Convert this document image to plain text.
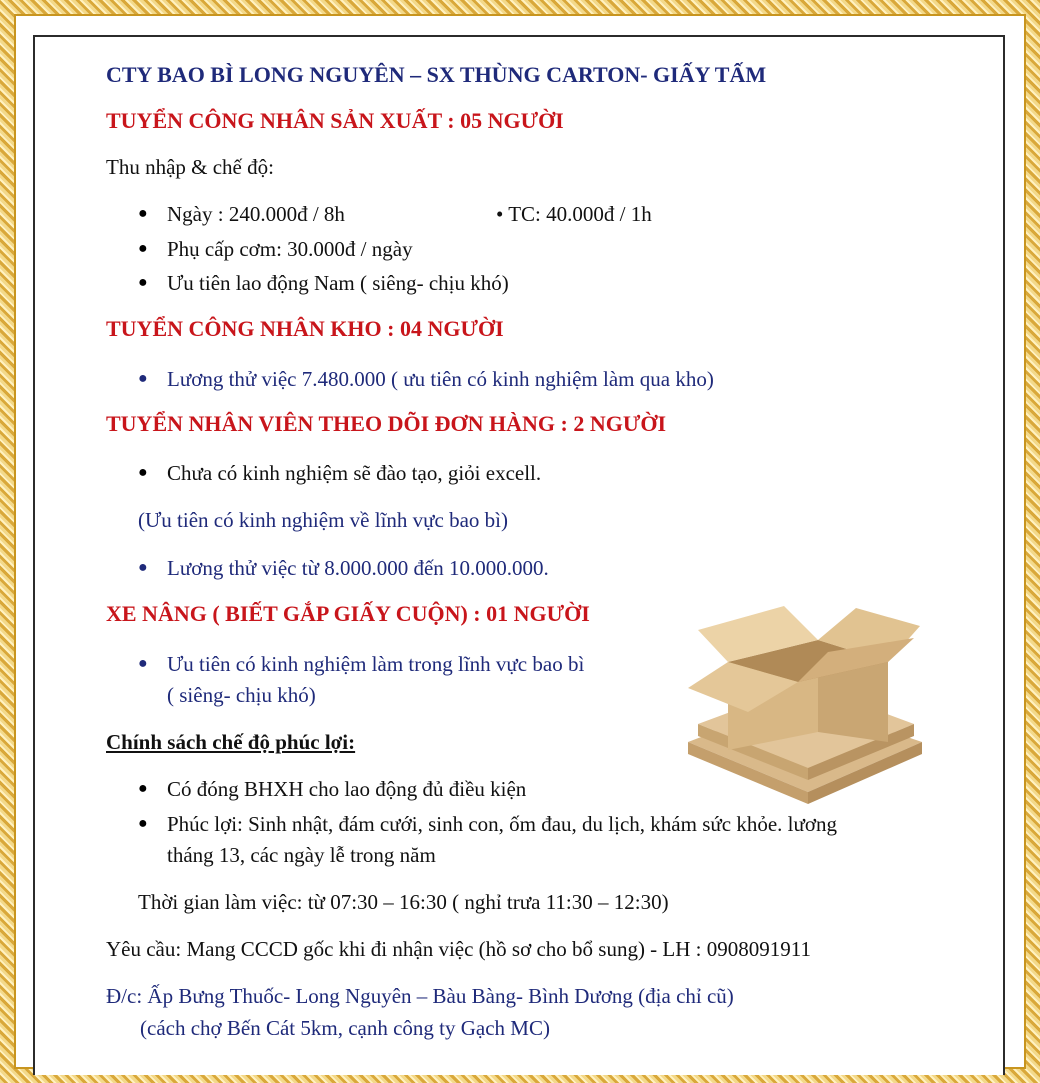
CTY BAO BÌ LONG NGUYÊN – SX THÙNG CARTON- GIẤY TẤM
TUYỂN CÔNG NHÂN SẢN XUẤT : 05 NGƯỜI
Thu nhập & chế độ:
● Ngày : 240.000đ / 8h	• TC: 40.000đ / 1h
● Phụ cấp cơm: 30.000đ / ngày
● Ưu tiên lao động Nam ( siêng- chịu khó)
TUYỂN CÔNG NHÂN KHO : 04 NGƯỜI
● Lương thử việc 7.480.000 ( ưu tiên có kinh nghiệm làm qua kho)
TUYỂN NHÂN VIÊN THEO DÕI ĐƠN HÀNG : 2 NGƯỜI
● Chưa có kinh nghiệm sẽ đào tạo, giỏi excell.
(Ưu tiên có kinh nghiệm về lĩnh vực bao bì)
● Lương thử việc từ 8.000.000 đến 10.000.000.
XE NÂNG ( BIẾT GẮP GIẤY CUỘN) : 01 NGƯỜI
● Ưu tiên có kinh nghiệm làm trong lĩnh vực bao bì
( siêng- chịu khó)
Chính sách chế độ phúc lợi:
● Có đóng BHXH cho lao động đủ điều kiện
● Phúc lợi: Sinh nhật, đám cưới, sinh con, ốm đau, du lịch, khám sức khỏe. lương
tháng 13, các ngày lễ trong năm
Thời gian làm việc: từ 07:30 – 16:30 ( nghỉ trưa 11:30 – 12:30)
Yêu cầu: Mang CCCD gốc khi đi nhận việc (hồ sơ cho bổ sung) - LH : 0908091911
Đ/c: Ấp Bưng Thuốc- Long Nguyên – Bàu Bàng- Bình Dương (địa chỉ cũ)
(cách chợ Bến Cát 5km, cạnh công ty Gạch MC)
